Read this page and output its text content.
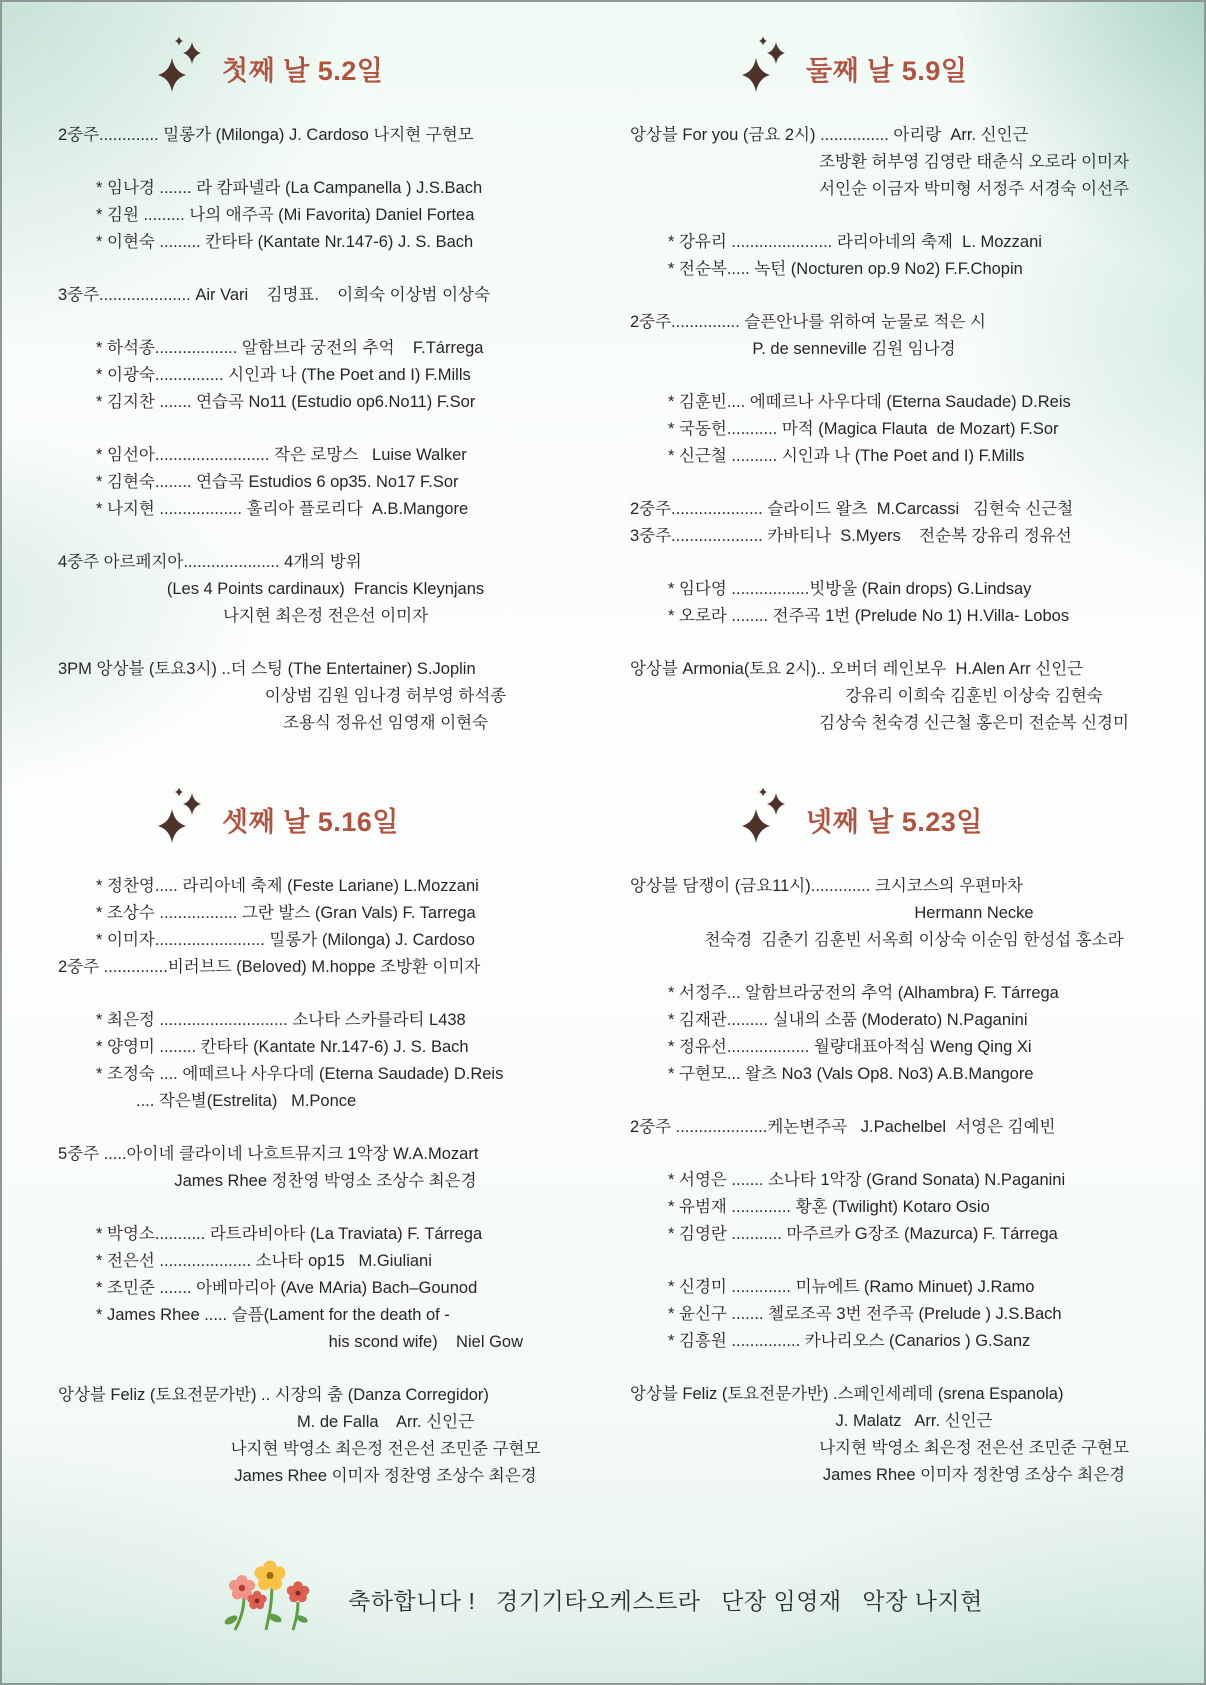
첫째 날 5.2일
2중주............. 밀롱가 (Milonga) J. Cardoso 나지현 구현모
* 임나경 ....... 라 캄파넬라 (La Campanella ) J.S.Bach
* 김원 ......... 나의 애주곡 (Mi Favorita) Daniel Fortea
* 이현숙 ......... 칸타타 (Kantate Nr.147-6) J. S. Bach
3중주.................... Air Vari    김명표.    이희숙 이상범 이상숙
* 하석종.................. 알함브라 궁전의 추억    F.Tárrega
* 이광숙............... 시인과 나 (The Poet and I) F.Mills
* 김지찬 ....... 연습곡 No11 (Estudio op6.No11) F.Sor
* 임선아......................... 작은 로망스   Luise Walker
* 김현숙........ 연습곡 Estudios 6 op35. No17 F.Sor
* 나지현 .................. 훌리아 플로리다  A.B.Mangore
4중주 아르페지아..................... 4개의 방위
(Les 4 Points cardinaux)  Francis Kleynjans
나지현 최은정 전은선 이미자
3PM 앙상블 (토요3시) ..더 스팅 (The Entertainer) S.Joplin
이상범 김원 임나경 허부영 하석종
조용식 정유선 임영재 이현숙
둘째 날 5.9일
앙상블 For you (금요 2시) ............... 아리랑  Arr. 신인근
조방환 허부영 김영란 태춘식 오로라 이미자
서인순 이금자 박미형 서정주 서경숙 이선주
* 강유리 ...................... 라리아네의 축제  L. Mozzani
* 전순복..... 녹턴 (Nocturen op.9 No2) F.F.Chopin
2중주............... 슬픈안나를 위하여 눈물로 적은 시
P. de senneville 김원 임나경
* 김훈빈.... 에떼르나 사우다데 (Eterna Saudade) D.Reis
* 국동헌........... 마적 (Magica Flauta  de Mozart) F.Sor
* 신근철 .......... 시인과 나 (The Poet and I) F.Mills
2중주.................... 슬라이드 왈츠  M.Carcassi   김현숙 신근철
3중주.................... 카바티나  S.Myers    전순복 강유리 정유선
* 임다영 .................빗방울 (Rain drops) G.Lindsay
* 오로라 ........ 전주곡 1번 (Prelude No 1) H.Villa- Lobos
앙상블 Armonia(토요 2시).. 오버더 레인보우  H.Alen Arr 신인근
강유리 이희숙 김훈빈 이상숙 김현숙
김상숙 천숙경 신근철 홍은미 전순복 신경미
셋째 날 5.16일
* 정찬영..... 라리아네 축제 (Feste Lariane) L.Mozzani
* 조상수 ................. 그란 발스 (Gran Vals) F. Tarrega
* 이미자........................ 밀롱가 (Milonga) J. Cardoso
2중주 ..............비러브드 (Beloved) M.hoppe 조방환 이미자
* 최은정 ............................ 소나타 스카를라티 L438
* 양영미 ........ 칸타타 (Kantate Nr.147-6) J. S. Bach
* 조정숙 .... 에떼르나 사우다데 (Eterna Saudade) D.Reis
.... 작은별(Estrelita)   M.Ponce
5중주 .....아이네 클라이네 나흐트뮤지크 1악장 W.A.Mozart
James Rhee 정찬영 박영소 조상수 최은경
* 박영소........... 라트라비아타 (La Traviata) F. Tárrega
* 전은선 .................... 소나타 op15   M.Giuliani
* 조민준 ....... 아베마리아 (Ave MAria) Bach–Gounod
* James Rhee ..... 슬픔(Lament for the death of -
his scond wife)    Niel Gow
앙상블 Feliz (토요전문가반) .. 시장의 춤 (Danza Corregidor)
M. de Falla    Arr. 신인근
나지현 박영소 최은정 전은선 조민준 구현모
James Rhee 이미자 정찬영 조상수 최은경
넷째 날 5.23일
앙상블 담쟁이 (금요11시)............. 크시코스의 우편마차
Hermann Necke
천숙경  김춘기 김훈빈 서옥희 이상숙 이순임 한성섭 홍소라
* 서정주... 알함브라궁전의 추억 (Alhambra) F. Tárrega
* 김재관......... 실내의 소품 (Moderato) N.Paganini
* 정유선.................. 월량대표아적심 Weng Qing Xi
* 구현모... 왈츠 No3 (Vals Op8. No3) A.B.Mangore
2중주 ....................케논변주곡   J.Pachelbel  서영은 김예빈
* 서영은 ....... 소나타 1악장 (Grand Sonata) N.Paganini
* 유범재 ............. 황혼 (Twilight) Kotaro Osio
* 김영란 ........... 마주르카 G장조 (Mazurca) F. Tárrega
* 신경미 ............. 미뉴에트 (Ramo Minuet) J.Ramo
* 윤신구 ....... 첼로조곡 3번 전주곡 (Prelude ) J.S.Bach
* 김흥원 ............... 카나리오스 (Canarios ) G.Sanz
앙상블 Feliz (토요전문가반) .스페인세레데 (srena Espanola)
J. Malatz   Arr. 신인근
나지현 박영소 최은정 전은선 조민준 구현모
James Rhee 이미자 정찬영 조상수 최은경
축하합니다 !   경기기타오케스트라   단장 임영재   악장 나지현
